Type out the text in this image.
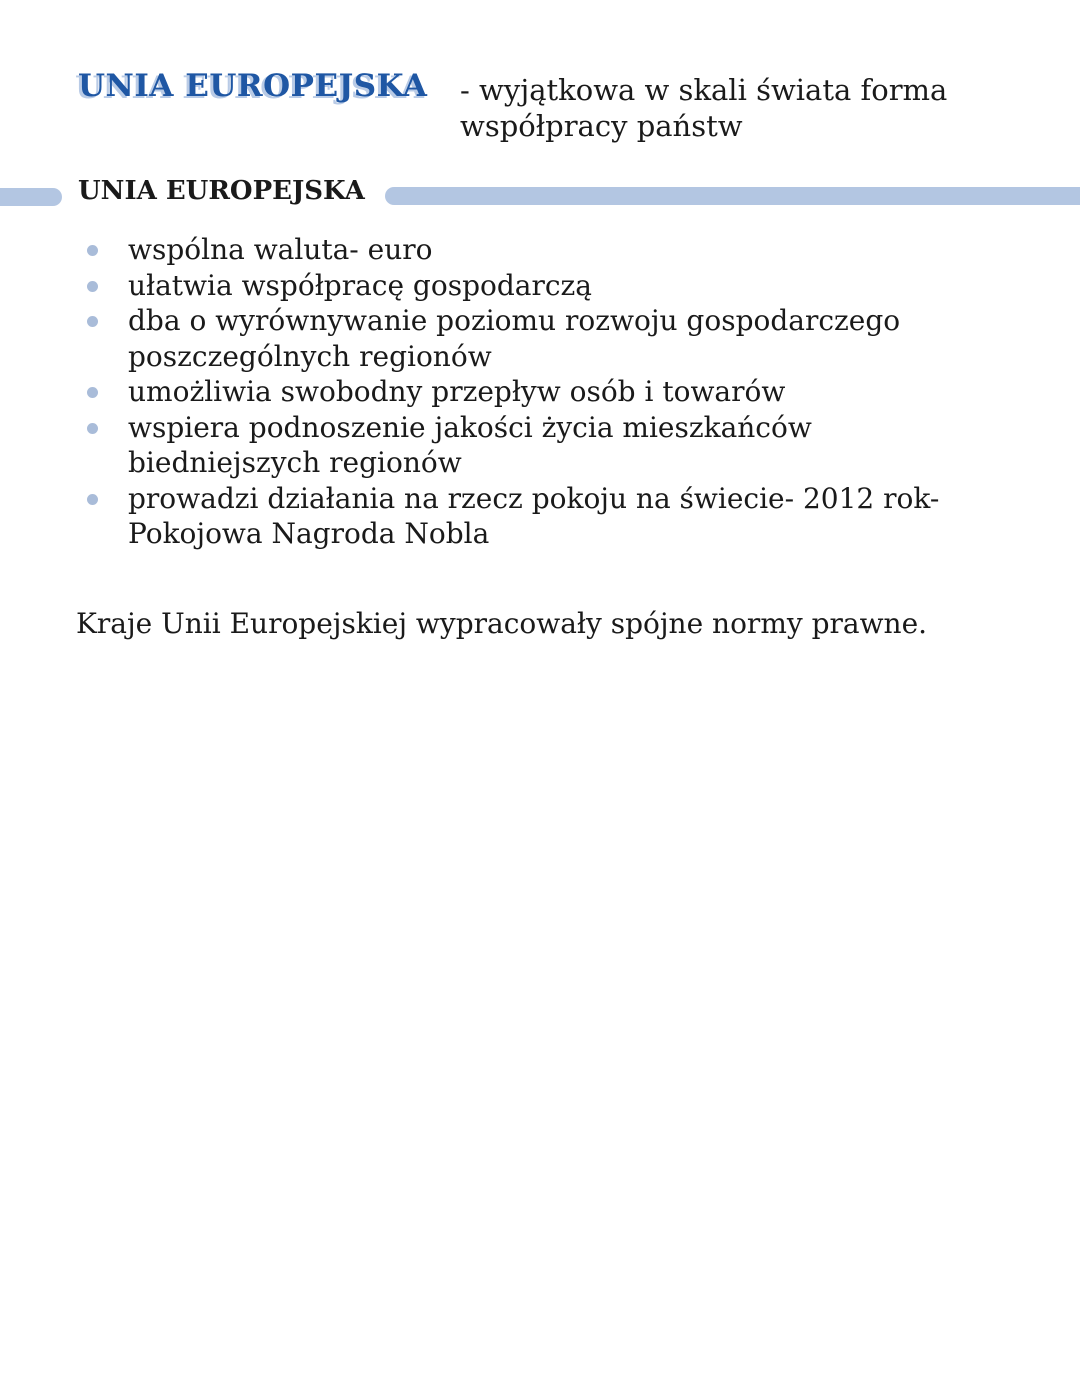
UNIA EUROPEJSKA - wyjątkowa w skali świata forma
współpracy państw
UNIA EUROPEJSKA
wspólna waluta- euro
ułatwia współpracę gospodarczą
dba o wyrównywanie poziomu rozwoju gospodarczego
poszczególnych regionów
umożliwia swobodny przepływ osób i towarów
wspiera podnoszenie jakości życia mieszkańców
biedniejszych regionów
prowadzi działania na rzecz pokoju na świecie- 2012 rok-
Pokojowa Nagroda Nobla
Kraje Unii Europejskiej wypracowały spójne normy prawne.
